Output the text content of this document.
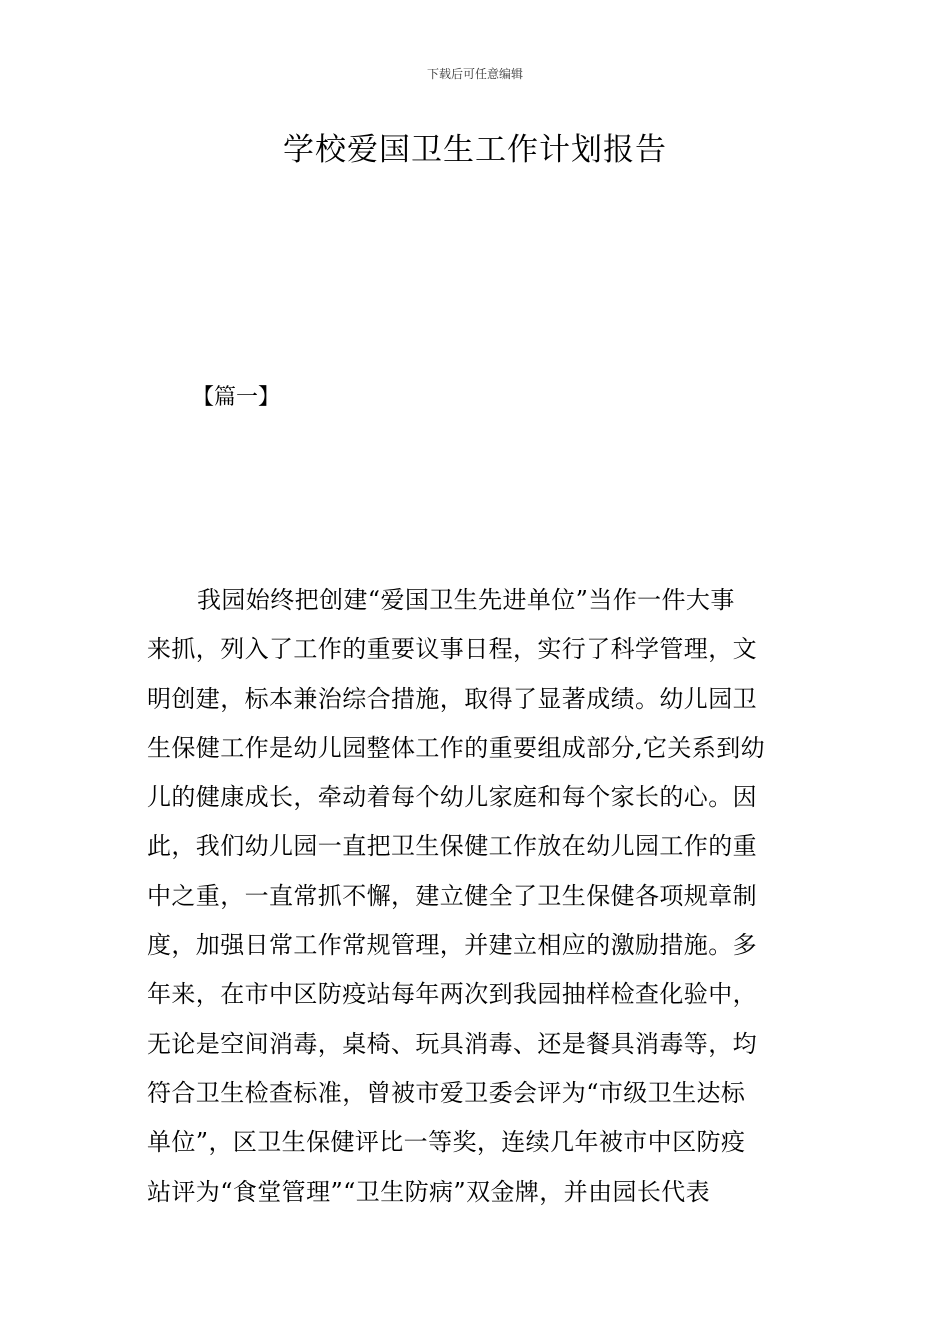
下载后可任意编辑
学校爱国卫生工作计划报告
【篇一】

我园始终把创建“爱国卫生先进单位”当作一件大事
来抓，列入了工作的重要议事日程，实行了科学管理，文
明创建，标本兼治综合措施，取得了显著成绩。幼儿园卫
生保健工作是幼儿园整体工作的重要组成部分,它关系到幼
儿的健康成长，牵动着每个幼儿家庭和每个家长的心。因
此，我们幼儿园一直把卫生保健工作放在幼儿园工作的重
中之重，一直常抓不懈，建立健全了卫生保健各项规章制
度，加强日常工作常规管理，并建立相应的激励措施。多
年来，在市中区防疫站每年两次到我园抽样检查化验中，
无论是空间消毒，桌椅、玩具消毒、还是餐具消毒等，均
符合卫生检查标准，曾被市爱卫委会评为“市级卫生达标
单位”，区卫生保健评比一等奖，连续几年被市中区防疫
站评为“食堂管理”“卫生防病”双金牌，并由园长代表
